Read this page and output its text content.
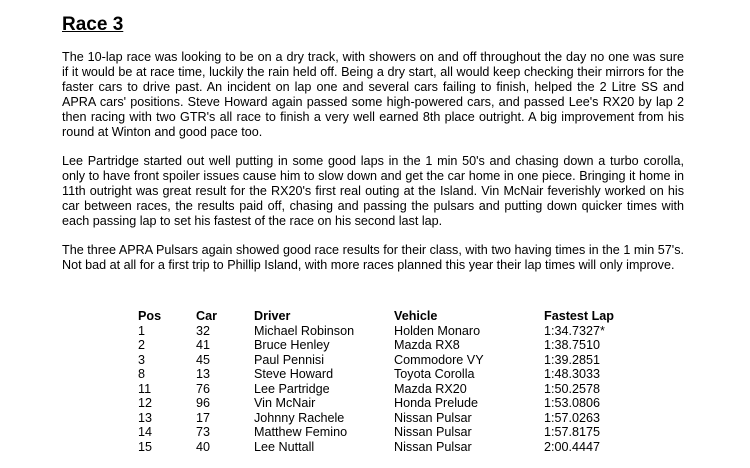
Race 3

The 10-lap race was looking to be on a dry track, with showers on and off throughout the day no one was sure if it would be at race time, luckily the rain held off. Being a dry start, all would keep checking their mirrors for the faster cars to drive past. An incident on lap one and several cars failing to finish, helped the 2 Litre SS and APRA cars' positions. Steve Howard again passed some high-powered cars, and passed Lee's RX20 by lap 2 then racing with two GTR's all race to finish a very well earned 8th place outright. A big improvement from his round at Winton and good pace too.

Lee Partridge started out well putting in some good laps in the 1 min 50's and chasing down a turbo corolla, only to have front spoiler issues cause him to slow down and get the car home in one piece. Bringing it home in 11th outright was great result for the RX20's first real outing at the Island. Vin McNair feverishly worked on his car between races, the results paid off, chasing and passing the pulsars and putting down quicker times with each passing lap to set his fastest of the race on his second last lap.

The three APRA Pulsars again showed good race results for their class, with two having times in the 1 min 57's. Not bad at all for a first trip to Phillip Island, with more races planned this year their lap times will only improve.

Pos	Car	Driver	Vehicle	Fastest Lap
1	32	Michael Robinson	Holden Monaro	1:34.7327*
2	41	Bruce Henley	Mazda RX8	1:38.7510
3	45	Paul Pennisi	Commodore VY	1:39.2851
8	13	Steve Howard	Toyota Corolla	1:48.3033
11	76	Lee Partridge	Mazda RX20	1:50.2578
12	96	Vin McNair	Honda Prelude	1:53.0806
13	17	Johnny Rachele	Nissan Pulsar	1:57.0263
14	73	Matthew Femino	Nissan Pulsar	1:57.8175
15	40	Lee Nuttall	Nissan Pulsar	2:00.4447
